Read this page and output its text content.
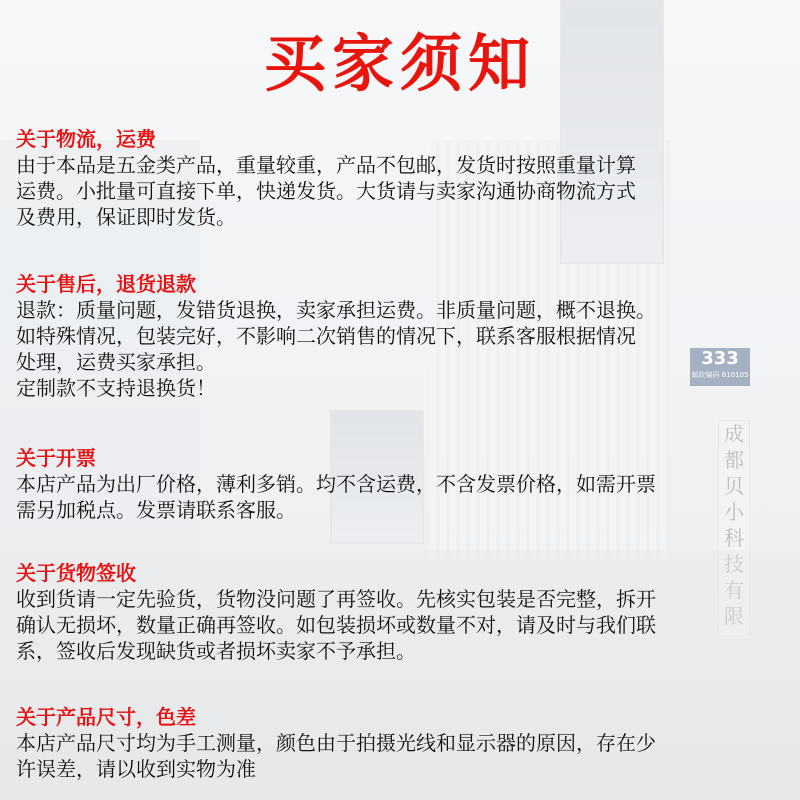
333
邮政编码 610105
成
都
贝
小
科
技
有
限
买家须知
关于物流，运费
由于本品是五金类产品，重量较重，产品不包邮，发货时按照重量计算
运费。小批量可直接下单，快递发货。大货请与卖家沟通协商物流方式
及费用，保证即时发货。
关于售后，退货退款
退款：质量问题，发错货退换，卖家承担运费。非质量问题，概不退换。
如特殊情况，包装完好，不影响二次销售的情况下，联系客服根据情况
处理，运费买家承担。
定制款不支持退换货！
关于开票
本店产品为出厂价格，薄利多销。均不含运费，不含发票价格，如需开票
需另加税点。发票请联系客服。
关于货物签收
收到货请一定先验货，货物没问题了再签收。先核实包装是否完整，拆开
确认无损坏，数量正确再签收。如包装损坏或数量不对，请及时与我们联
系，签收后发现缺货或者损坏卖家不予承担。
关于产品尺寸，色差
本店产品尺寸均为手工测量，颜色由于拍摄光线和显示器的原因，存在少
许误差，请以收到实物为准
